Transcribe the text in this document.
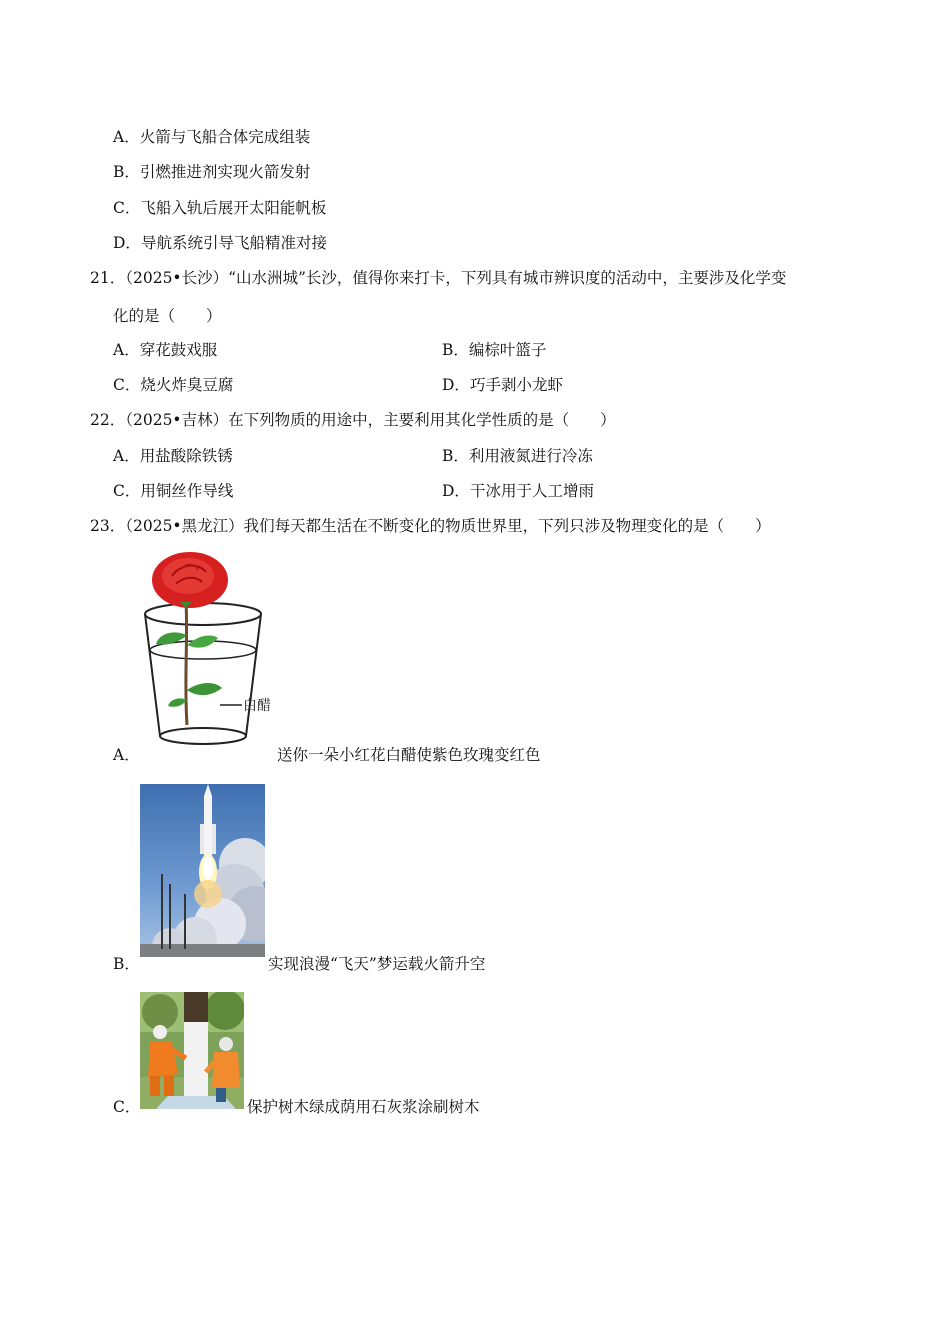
A．火箭与飞船合体完成组装
B．引燃推进剂实现火箭发射
C．飞船入轨后展开太阳能帆板
D．导航系统引导飞船精准对接
21．（2025•长沙）“山水洲城”长沙，值得你来打卡，下列具有城市辨识度的活动中，主要涉及化学变
化的是（　　）
A．穿花鼓戏服	B．编棕叶篮子
C．烧火炸臭豆腐	D．巧手剥小龙虾
22．（2025•吉林）在下列物质的用途中，主要利用其化学性质的是（　　）
A．用盐酸除铁锈	B．利用液氮进行冷冻
C．用铜丝作导线	D．干冰用于人工增雨
23．（2025•黑龙江）我们每天都生活在不断变化的物质世界里，下列只涉及物理变化的是（　　）
白醋
A．	送你一朵小红花白醋使紫色玫瑰变红色
B．	实现浪漫“飞天”梦运载火箭升空
C．	保护树木绿成荫用石灰浆涂刷树木
